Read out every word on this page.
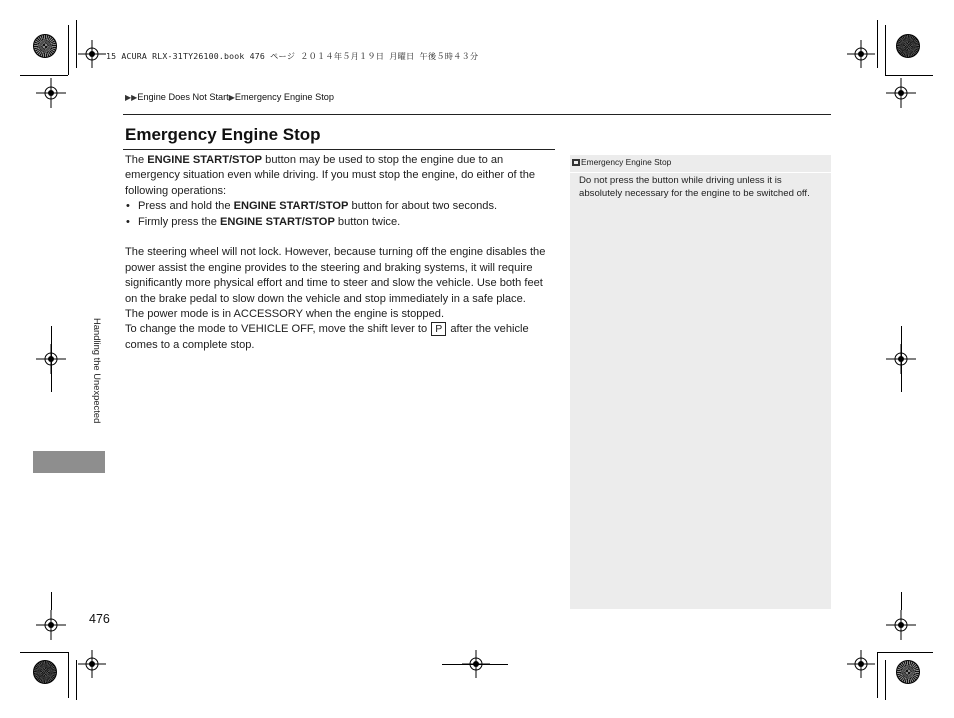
15 ACURA RLX-31TY26100.book 476 ページ ２０１４年５月１９日 月曜日 午後５時４３分
▶▶Engine Does Not Start▶Emergency Engine Stop
Emergency Engine Stop

The ENGINE START/STOP button may be used to stop the engine due to an emergency situation even while driving. If you must stop the engine, do either of the following operations:

• Press and hold the ENGINE START/STOP button for about two seconds.
• Firmly press the ENGINE START/STOP button twice.

The steering wheel will not lock. However, because turning off the engine disables the power assist the engine provides to the steering and braking systems, it will require significantly more physical effort and time to steer and slow the vehicle. Use both feet on the brake pedal to slow down the vehicle and stop immediately in a safe place.

The power mode is in ACCESSORY when the engine is stopped.

To change the mode to VEHICLE OFF, move the shift lever to P after the vehicle comes to a complete stop.

Emergency Engine Stop
Do not press the button while driving unless it is absolutely necessary for the engine to be switched off.
Handling the Unexpected
476
